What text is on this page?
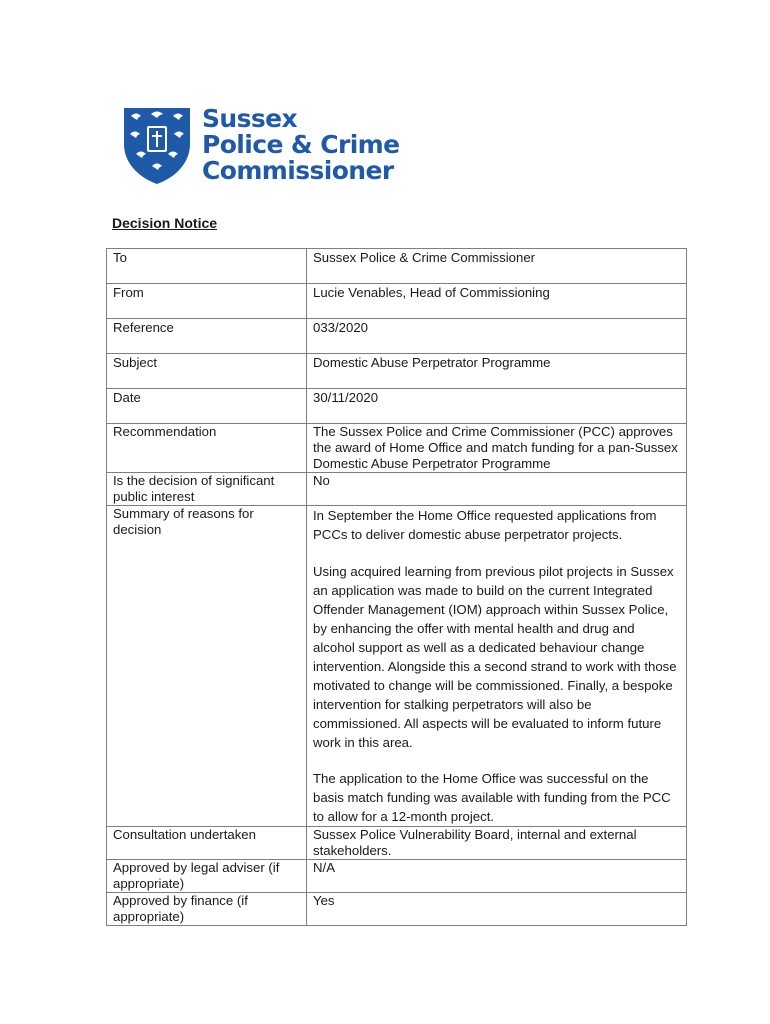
Sussex
Police & Crime
Commissioner
Decision Notice
To	Sussex Police & Crime Commissioner

From	Lucie Venables, Head of Commissioning

Reference	033/2020

Subject	Domestic Abuse Perpetrator Programme

Date	30/11/2020

Recommendation	The Sussex Police and Crime Commissioner (PCC) approves the award of Home Office and match funding for a pan-Sussex Domestic Abuse Perpetrator Programme
Is the decision of significant public interest	No
Summary of reasons for decision	In September the Home Office requested applications from PCCs to deliver domestic abuse perpetrator projects.
Using acquired learning from previous pilot projects in Sussex an application was made to build on the current Integrated Offender Management (IOM) approach within Sussex Police, by enhancing the offer with mental health and drug and alcohol support as well as a dedicated behaviour change intervention. Alongside this a second strand to work with those motivated to change will be commissioned. Finally, a bespoke intervention for stalking perpetrators will also be commissioned. All aspects will be evaluated to inform future work in this area.
The application to the Home Office was successful on the basis match funding was available with funding from the PCC to allow for a 12-month project.

Consultation undertaken	Sussex Police Vulnerability Board, internal and external stakeholders.
Approved by legal adviser (if appropriate)	N/A
Approved by finance (if appropriate)	Yes
